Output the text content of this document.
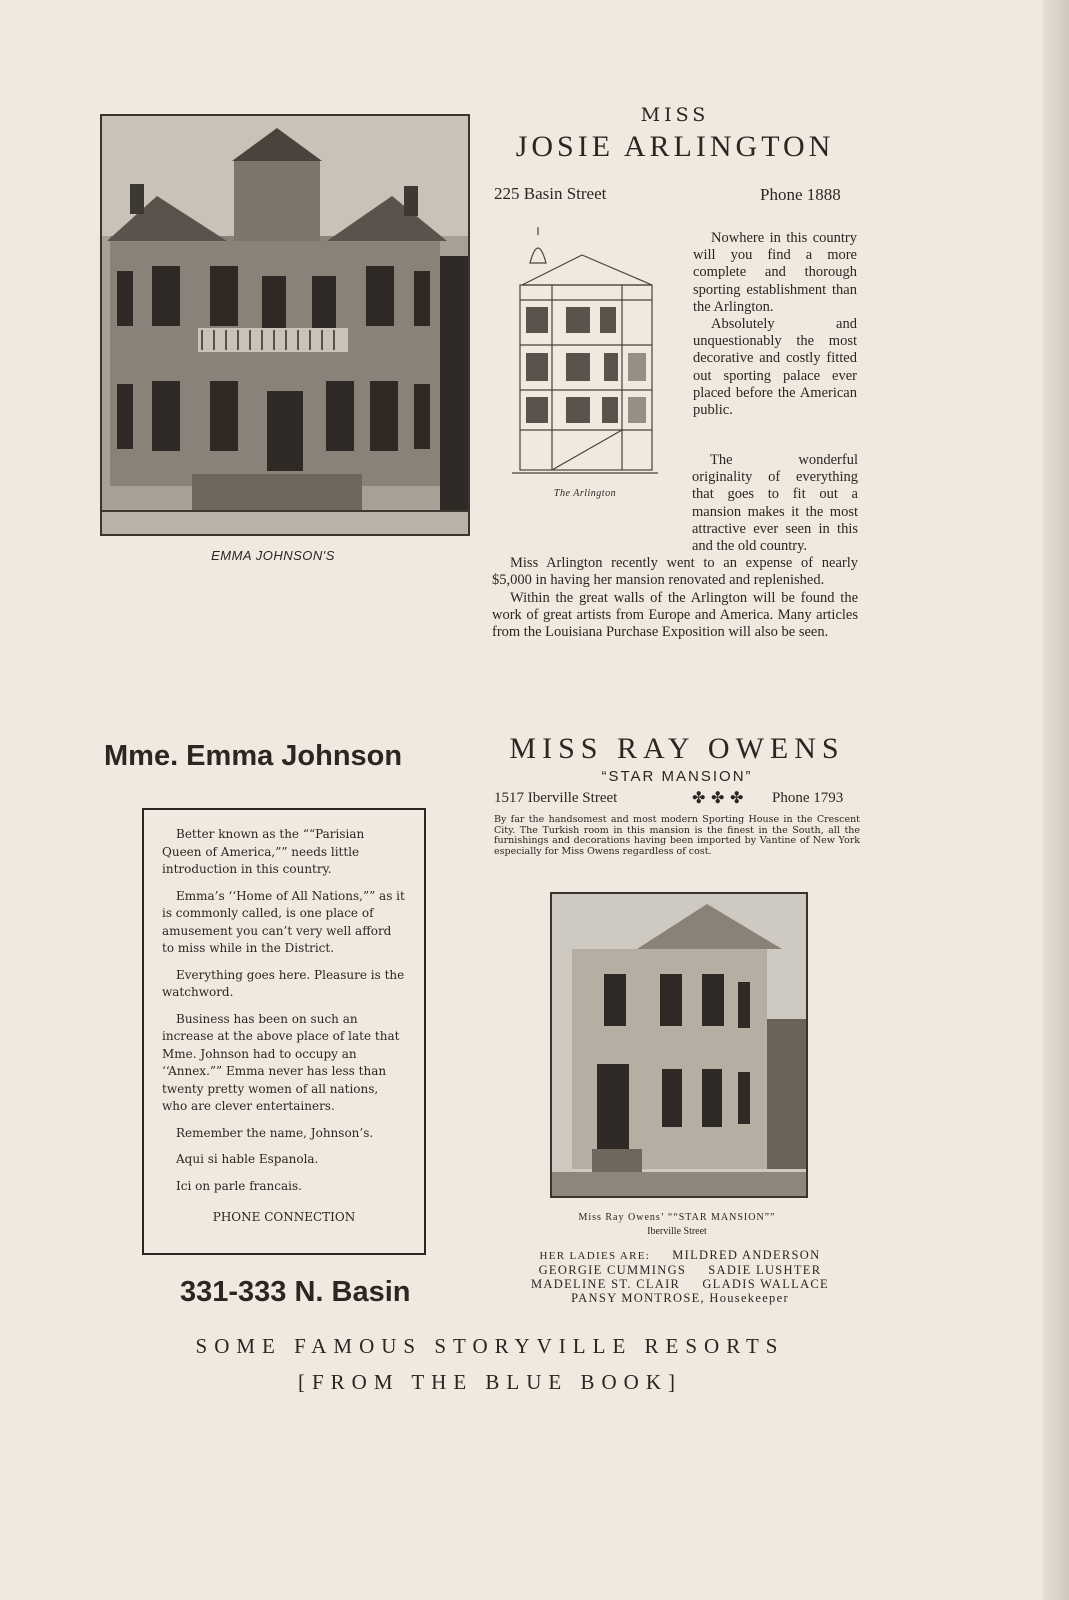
EMMA JOHNSON'S
MISS
JOSIE ARLINGTON
225 Basin Street	Phone 1888
The Arlington

Nowhere in this country will you find a more complete and thorough sporting establishment than the Arlington.

Absolutely and unquestionably the most decorative and costly fitted out sporting palace ever placed before the American public.

The wonderful originality of everything that goes to fit out a mansion makes it the most attractive ever seen in this and the old country.

Miss Arlington recently went to an expense of nearly $5,000 in having her mansion renovated and replenished.

Within the great walls of the Arlington will be found the work of great artists from Europe and America. Many articles from the Louisiana Purchase Exposition will also be seen.

Mme. Emma Johnson

Better known as the ““Parisian Queen of America,”” needs little introduction in this country.

Emma’s ‘‘Home of All Nations,”” as it is commonly called, is one place of amusement you can’t very well afford to miss while in the District.

Everything goes here. Pleasure is the watchword.

Business has been on such an increase at the above place of late that Mme. Johnson had to occupy an ‘‘Annex.”” Emma never has less than twenty pretty women of all nations, who are clever entertainers.

Remember the name, Johnson’s.

Aqui si hable Espanola.

Ici on parle francais.

PHONE CONNECTION

331-333 N. Basin
MISS RAY OWENS
“STAR MANSION”
1517 Iberville Street	✤ ✤ ✤ Phone 1793
By far the handsomest and most modern Sporting House in the Crescent City. The Turkish room in this mansion is the finest in the South, all the furnishings and decorations having been imported by Vantine of New York especially for Miss Owens regardless of cost.
Miss Ray Owens’ ““STAR MANSION””
Iberville Street
HER LADIES ARE: MILDRED ANDERSON
GEORGIE CUMMINGS SADIE LUSHTER
MADELINE ST. CLAIR GLADIS WALLACE
PANSY MONTROSE, Housekeeper
SOME FAMOUS STORYVILLE RESORTS
[FROM THE BLUE BOOK]
